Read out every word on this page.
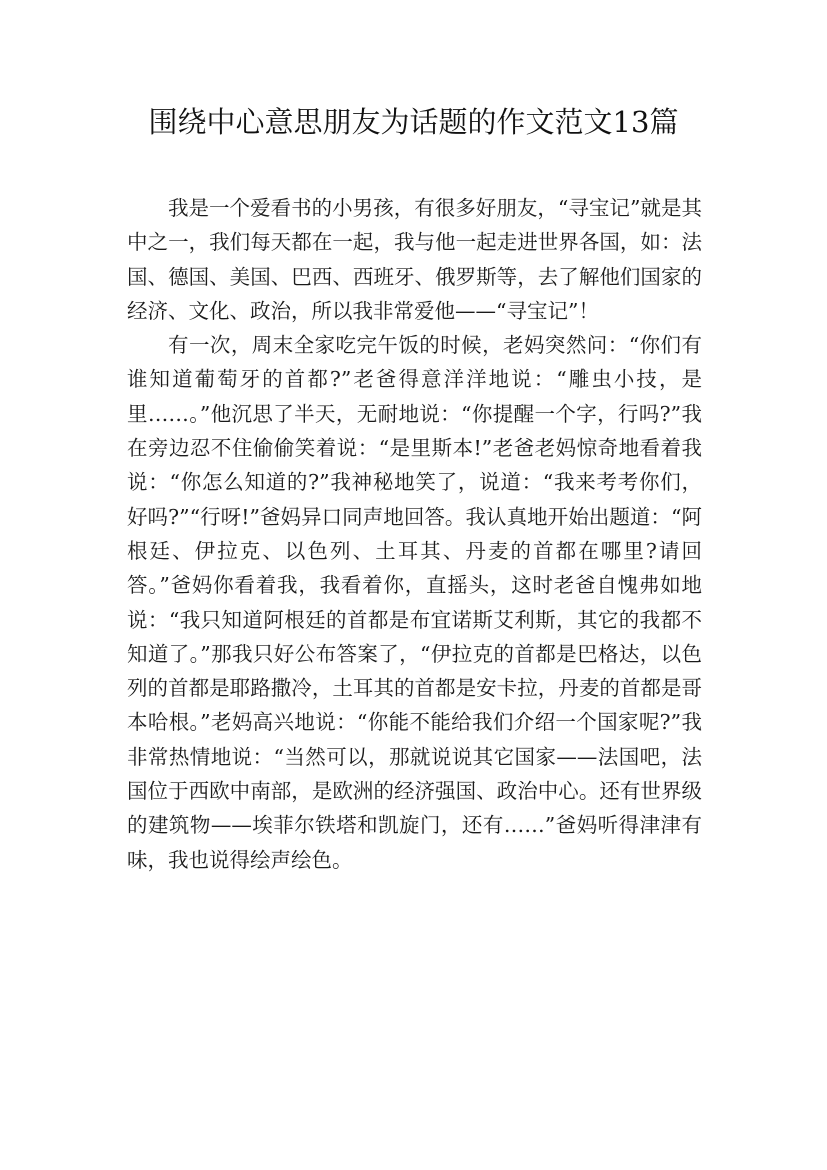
围绕中心意思朋友为话题的作文范文13篇

我是一个爱看书的小男孩，有很多好朋友，“寻宝记”就是其中之一，我们每天都在一起，我与他一起走进世界各国，如：法国、德国、美国、巴西、西班牙、俄罗斯等，去了解他们国家的经济、文化、政治，所以我非常爱他——“寻宝记”！

有一次，周末全家吃完午饭的时候，老妈突然问：“你们有谁知道葡萄牙的首都?”老爸得意洋洋地说：“雕虫小技，是里……。”他沉思了半天，无耐地说：“你提醒一个字，行吗?”我在旁边忍不住偷偷笑着说：“是里斯本!”老爸老妈惊奇地看着我说：“你怎么知道的?”我神秘地笑了，说道：“我来考考你们，好吗?”“行呀!”爸妈异口同声地回答。我认真地开始出题道：“阿根廷、伊拉克、以色列、土耳其、丹麦的首都在哪里?请回答。”爸妈你看着我，我看着你，直摇头，这时老爸自愧弗如地说：“我只知道阿根廷的首都是布宜诺斯艾利斯，其它的我都不知道了。”那我只好公布答案了，“伊拉克的首都是巴格达，以色列的首都是耶路撒冷，土耳其的首都是安卡拉，丹麦的首都是哥本哈根。”老妈高兴地说：“你能不能给我们介绍一个国家呢?”我非常热情地说：“当然可以，那就说说其它国家——法国吧，法国位于西欧中南部，是欧洲的经济强国、政治中心。还有世界级的建筑物——埃菲尔铁塔和凯旋门，还有……”爸妈听得津津有味，我也说得绘声绘色。
